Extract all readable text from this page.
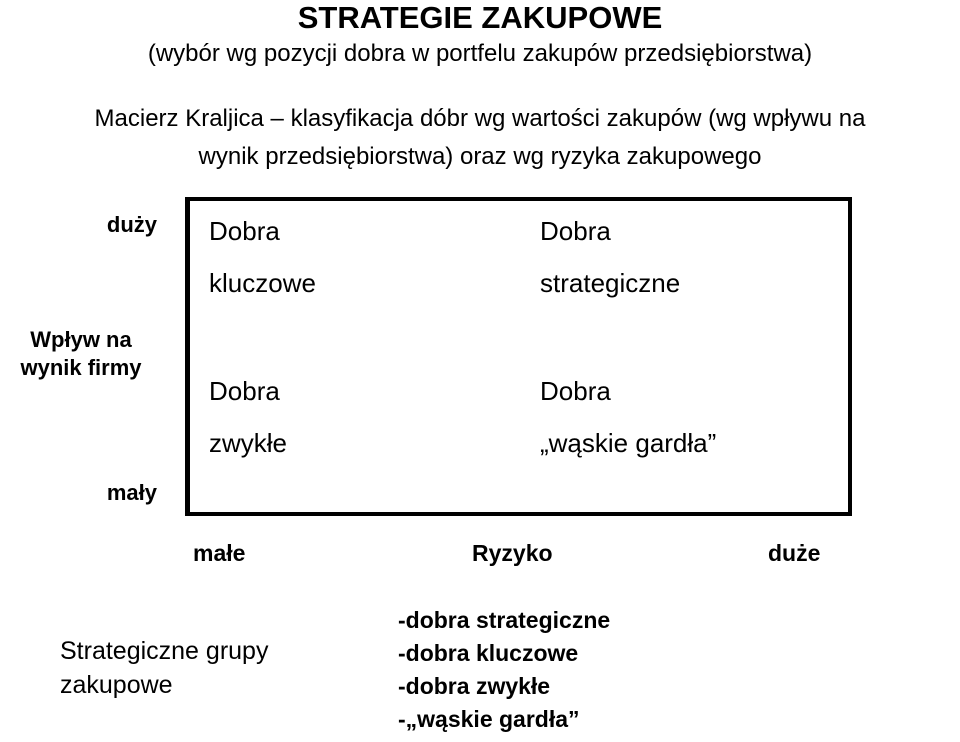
STRATEGIE ZAKUPOWE
(wybór wg pozycji dobra w portfelu zakupów przedsiębiorstwa)
Macierz Kraljica – klasyfikacja dóbr wg wartości zakupów (wg wpływu na
wynik przedsiębiorstwa) oraz wg ryzyka zakupowego
duży
Wpływ na wynik firmy
mały
Dobra
kluczowe
Dobra
strategiczne
Dobra
zwykłe
Dobra
„wąskie gardła”
małe	Ryzyko	duże
Strategiczne grupy zakupowe
-dobra strategiczne
-dobra kluczowe
-dobra zwykłe
-„wąskie gardła”
